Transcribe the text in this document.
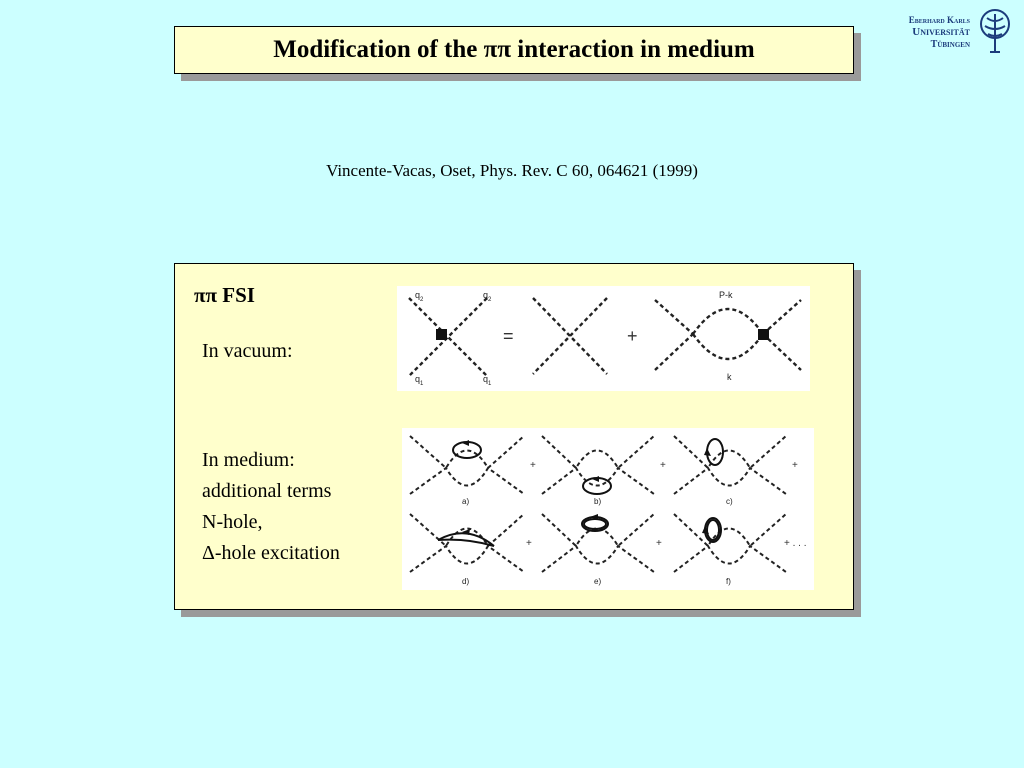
Modification of the ππ interaction in medium
Eberhard Karls
Universität
Tübingen
Vincente-Vacas, Oset, Phys. Rev. C 60, 064621 (1999)
ππ FSI
In vacuum:
In medium:
additional terms
N-hole,
Δ-hole excitation
$q_2$	$q_2$
$q_1$	$q_1$
P-k
k
=	+
+	+	+
+	+	+ . . .
a)	b)	c)
d)	e)	f)
